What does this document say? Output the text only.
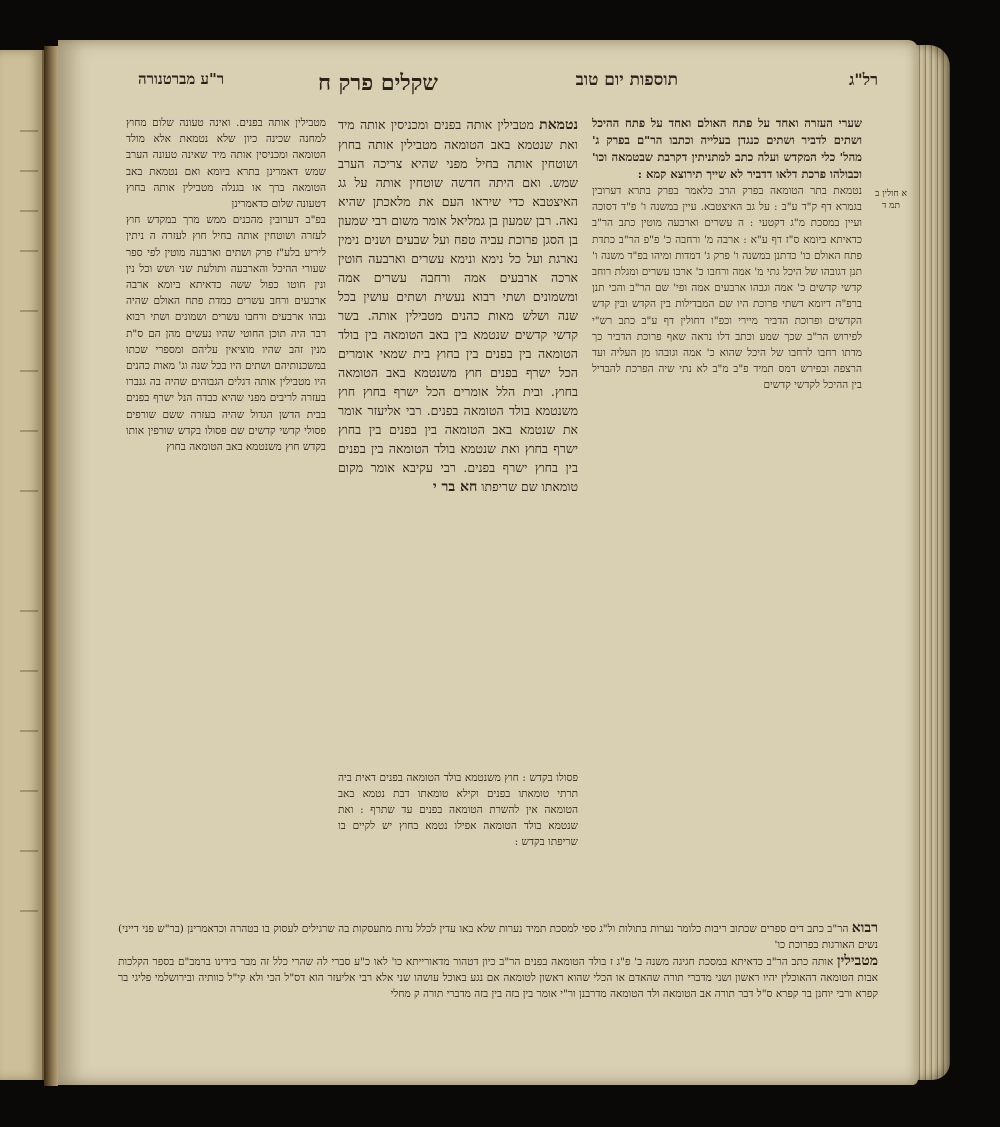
רל"ג
תוספות יום טוב
שקלים פרק ח
ר"ע מברטנורה
א חולין ב תמ ד

שערי העזרה ואחד על פתח האולם ואחד על פתח ההיכל ושתים לדביר ושתים כנגדן בעלייה וכתבו הר"ם בפרק ג' מהל' כלי המקדש ועלה כתב למתניתין דקרבת שבטמאה וכו' וכבולהו פרכת דלאו דדביר לא שייך תירוצא קמא :

נטמאת בתר הטומאה בפרק הרב כלאמר בפרק בתרא דערובין בגמרא דף ק"ד ע"ב : על גב האיצטבא. עיין במשנה ו' פ"ד דסוכה ועיין במסכת מ"ג דקטעי : ה עשרים וארבעה מוטין כתב הר"ב כדאיתא ביומא ס"ז דף ע"א : ארבה מ' ורחבה כ' פ"פ הר"ב כתדת פתח האולם כו' כדתנן במשנה ו' פרק ג' דמדות ומיהו בפ"ד משנה ו' תנן דגובהו של היכל גתי מ' אמה ורחבו כ' ארבו עשרים ומגלת רוחב קדשי קדשים כ' אמה וגבהו ארבעים אמה ופי' שם הר"ב והכי תנן ברפ"ה דיומא דשתי פרוכת היו שם המבדילות בין הקדש ובין קדש הקדשים ופרוכת הדביר מיירי וכפ"ו דחולין דף ע"ב כתב רש"י לפירוש הר"ב שכך שמע וכתב דלו נראה שאף פרוכת הדביר כך מדתו רחבו לרחבו של היכל שהוא כ' אמה וגובהו מן העליה ועד הרצפה ובפירש דמס תמיד פ"ב מ"ב לא נתי שיה הפרכת להבדיל בין ההיכל לקדשי קדשים

נטמאת מטבילין אותה בפנים ומכניסין אותה מיד ואת שנטמא באב הטומאה מטבילין אותה בחוץ ושוטחין אותה בחיל מפני שהיא צריכה הערב שמש. ואם היתה חדשה שוטחין אותה על גג האיצטבא כדי שיראו העם את מלאכתן שהיא נאה. רבן שמעון בן גמליאל אומר משום רבי שמעון בן הסגן פרוכת עביה טפח ועל שבעים ושנים נימין נארגת ועל כל נימא ונימא עשרים וארבעה חוטין ארכה ארבעים אמה ורחבה עשרים אמה ומשמונים ושתי רבוא נעשית ושתים עושין בכל שנה ושלש מאות כהנים מטבילין אותה. בשר קדשי קדשים שנטמא בין באב הטומאה בין בולד הטומאה בין בפנים בין בחוץ בית שמאי אומרים הכל ישרף בפנים חוץ משנטמא באב הטומאה בחוץ. ובית הלל אומרים הכל ישרף בחוץ חוץ משנטמא בולד הטומאה בפנים. רבי אליעזר אומר את שנטמא באב הטומאה בין בפנים בין בחוץ ישרף בחוץ ואת שנטמא בולד הטומאה בין בפנים בין בחוץ ישרף בפנים. רבי עקיבא אומר מקום טומאתו שם שריפתו חא בר י

מטבילין אותה בפנים. ואינה טעונה שלום מחוץ למחנה שכינה כיון שלא נטמאת אלא מולד הטומאה ומכניסין אותה מיד שאינה טעונה הערב שמש דאמרינן בתרא ביומא ואם נטמאת באב הטומאה ברך או בגנלה מטבילין אותה בחוץ דטעונה שלום כדאמרינן

בפ"ב דערובין מהכנים ממש מרך במקדש חוץ לעזרה ושוטחין אותה בחיל חוץ לעזרה ה ניתין ליריע בלע"ז פרק ושתים וארבעה מוטין לפי ספר שעורי ההיכל והארבעה ותולעת שני ושש וכל נין ונין חוטו כפול ששה כדאיתא ביומא ארבה ארבעים ורחב עשרים כמדת פתח האולם שהיה גבהו ארבעים ורחבו עשרים ושמונים ושתי רבוא רבר היה תוכן החוטי שהיו נעשים מהן הם ס"ת מנין זהב שהיו מוציאין עליהם ומספרי שכתו במשכנותיהם ושתים היו בכל שנה וג' מאות כהנים היו מטבילין אותה דגלים הגבוהים שהיה בה גנברו בעזרה לריבים מפני שהיא כבדה הנל ישרף בפנים בבית הדשן הגדול שהיה בעזרה ששם שורפים פסולי קדשי קדשים שם פסולו בקדש שורפין אותו בקדש חוץ משנטמא באב הטומאה בחוץ

פסולו בקדש : חוץ משנטמא בולד הטומאה בפנים דאית ביה תרתי טומאתו בפנים וקילא טומאתו דבת נטמא באב הטומאה אין להשרת הטומאה בפנים עד שתרף : ואת שנטמא בולד הטומאה אפילו נטמא בחוץ יש לקיים בו שריפתו בקדש :
רבוא הר"ב כתב דים ספרים שכתוב ריבות כלומר נערות בתולות ול"ג ספי למסכת תמיד נערות שלא באו עדין לכלל נדות מתעסקות בה שרגילים לעסוק בו בטהרה וכדאמרינן (בר"ש פני דייני) נשים האורגות בפרוכת כו'
מטבילין אותה כתב הר"ב כדאיתא במסכת חגיגה משנה ב' פ"ג ז בולד הטומאה בפנים הר"ב כיון דטהור מדאורייתא כו' לאו כ"ע סברי לה שהרי כלל זה מבר בידינו ברמב"ם בספר הקלכות אבות הטומאה דהאוכלין יהיו ראשון ושני מדברי תורה שהאדם או הכלי שהוא ראשון לטומאה אם נגע באוכל עושהו שני אלא רבי אליעזר הוא דס"ל הכי ולא קי"ל כוותיה ובירושלמי פליגי בר קפרא ורבי יוחנן בר קפרא ס"ל דבר תורה אב הטומאה ולד הטומאה מדרבנן ור"י אומר בין בזה בין בזה מדברי תורה ק מחלי
